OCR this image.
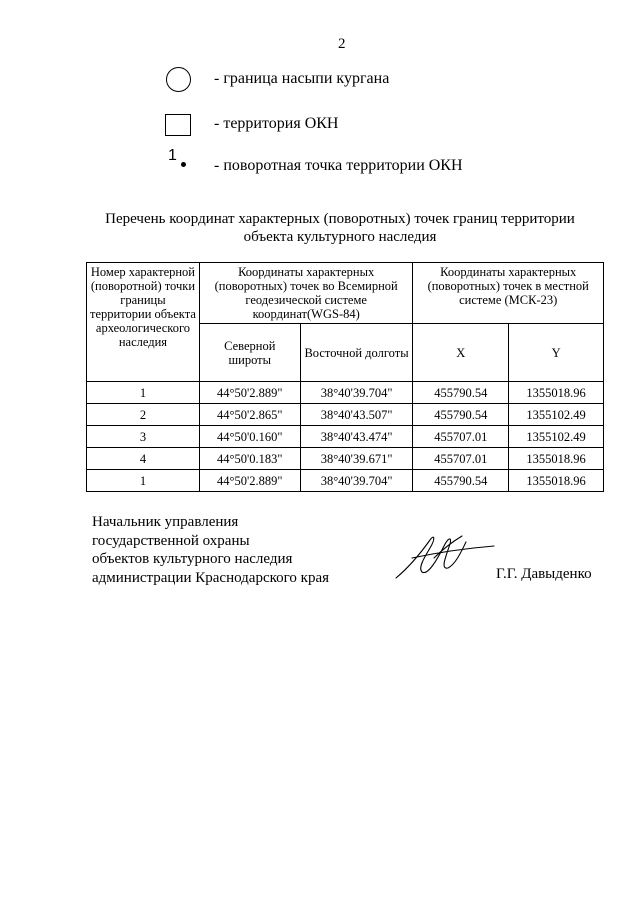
2
- граница насыпи кургана
- территория ОКН
1
- поворотная точка территории ОКН
Перечень координат характерных (поворотных) точек границ территории
объекта культурного наследия
Номер характерной (поворотной) точки границы территории объекта археологического наследия	Координаты характерных (поворотных) точек во Всемирной геодезической системе координат(WGS-84)		Координаты характерных (поворотных) точек в местной системе (МСК-23)	
	Северной широты	Восточной долготы	X	Y
1	44°50'2.889"	38°40'39.704"	455790.54	1355018.96
2	44°50'2.865"	38°40'43.507"	455790.54	1355102.49
3	44°50'0.160"	38°40'43.474"	455707.01	1355102.49
4	44°50'0.183"	38°40'39.671"	455707.01	1355018.96
1	44°50'2.889"	38°40'39.704"	455790.54	1355018.96
Начальник управления
государственной охраны
объектов культурного наследия
администрации Краснодарского края	Г.Г. Давыденко
